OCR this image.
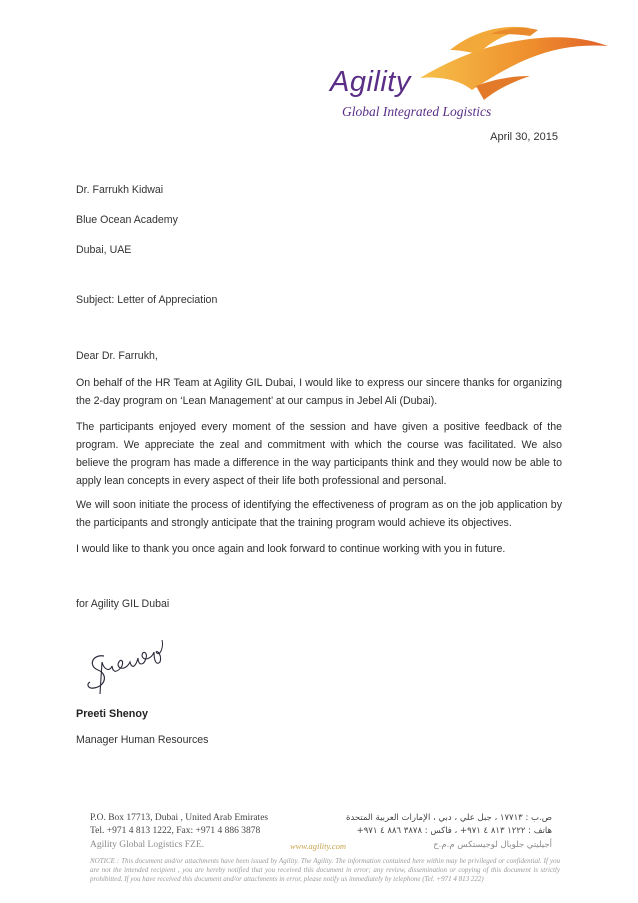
Agility
Global Integrated Logistics
April 30, 2015
Dr. Farrukh Kidwai
Blue Ocean Academy
Dubai, UAE
Subject: Letter of Appreciation
Dear Dr. Farrukh,
On behalf of the HR Team at Agility GIL Dubai, I would like to express our sincere thanks for organizing the 2-day program on ‘Lean Management’ at our campus in Jebel Ali (Dubai).
The participants enjoyed every moment of the session and have given a positive feedback of the program. We appreciate the zeal and commitment with which the course was facilitated. We also believe the program has made a difference in the way participants think and they would now be able to apply lean concepts in every aspect of their life both professional and personal.
We will soon initiate the process of identifying the effectiveness of program as on the job application by the participants and strongly anticipate that the training program would achieve its objectives.
I would like to thank you once again and look forward to continue working with you in future.
for Agility GIL Dubai
Preeti Shenoy
Manager Human Resources
P.O. Box 17713, Dubai , United Arab Emirates
Tel. +971 4 813 1222, Fax: +971 4 886 3878
Agility Global Logistics FZE.	www.agility.com
ص.ب : ١٧٧١٣ ، جبل علي ، دبي ، الإمارات العربية المتحدة
هاتف : ١٢٢٢ ٨١٣ ٤ ٩٧١+ ، فاكس : ٣٨٧٨ ٨٨٦ ٤ ٩٧١+
أجيليتي جلوبال لوجيستكس م.م.ح
NOTICE : This document and/or attachments have been issued by Agility. The Agility. The information contained here within may be privileged or confidential. If you are not the intended recipient , you are hereby notified that you received this document in error; any review, dissemination or copying of this document is strictly prohibitted. If you have received this document and/or attachments in error, please notify us immediately by telephone (Tel. +971 4 813 222)
